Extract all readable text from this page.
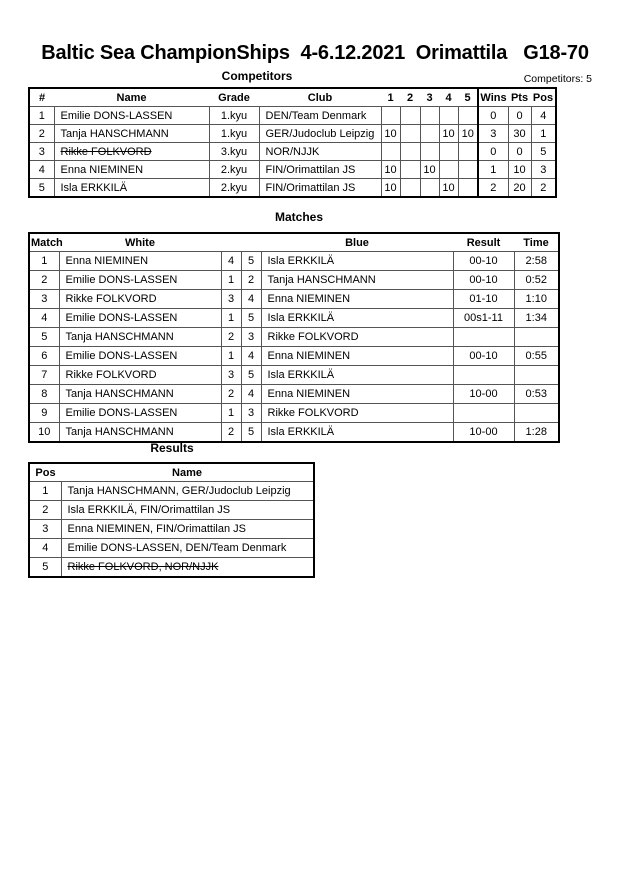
Baltic Sea ChampionShips  4-6.12.2021  Orimattila   G18-70
Competitors	Competitors: 5
#	Name	Grade	Club	1	2	3	4	5	Wins	Pts	Pos
1	Emilie DONS-LASSEN	1.kyu	DEN/Team Denmark						0	0	4
2	Tanja HANSCHMANN	1.kyu	GER/Judoclub Leipzig	10			10	10	3	30	1
3	Rikke FOLKVORD	3.kyu	NOR/NJJK						0	0	5
4	Enna NIEMINEN	2.kyu	FIN/Orimattilan JS	10		10			1	10	3
5	Isla ERKKILÄ	2.kyu	FIN/Orimattilan JS	10			10		2	20	2
Matches
Match	White			Blue	Result	Time
1	Enna NIEMINEN	4	5	Isla ERKKILÄ	00-10	2:58
2	Emilie DONS-LASSEN	1	2	Tanja HANSCHMANN	00-10	0:52
3	Rikke FOLKVORD	3	4	Enna NIEMINEN	01-10	1:10
4	Emilie DONS-LASSEN	1	5	Isla ERKKILÄ	00s1-11	1:34
5	Tanja HANSCHMANN	2	3	Rikke FOLKVORD		
6	Emilie DONS-LASSEN	1	4	Enna NIEMINEN	00-10	0:55
7	Rikke FOLKVORD	3	5	Isla ERKKILÄ		
8	Tanja HANSCHMANN	2	4	Enna NIEMINEN	10-00	0:53
9	Emilie DONS-LASSEN	1	3	Rikke FOLKVORD		
10	Tanja HANSCHMANN	2	5	Isla ERKKILÄ	10-00	1:28
Results
Pos	Name
1	Tanja HANSCHMANN, GER/Judoclub Leipzig
2	Isla ERKKILÄ, FIN/Orimattilan JS
3	Enna NIEMINEN, FIN/Orimattilan JS
4	Emilie DONS-LASSEN, DEN/Team Denmark
5	Rikke FOLKVORD, NOR/NJJK
